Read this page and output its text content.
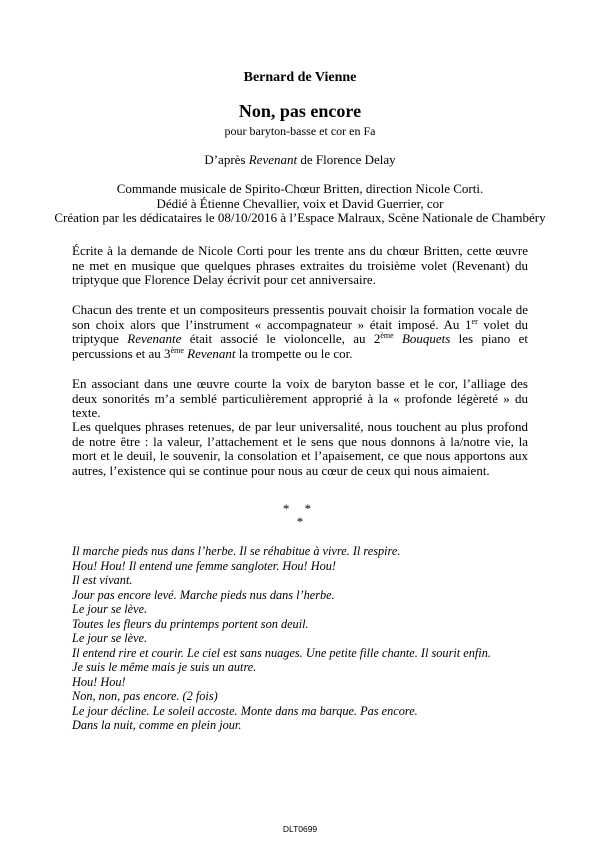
Bernard de Vienne
Non, pas encore
pour baryton-basse et cor en Fa
D’après Revenant de Florence Delay
Commande musicale de Spirito-Chœur Britten, direction Nicole Corti.
Dédié à Étienne Chevallier, voix et David Guerrier, cor
Création par les dédicataires le 08/10/2016 à l’Espace Malraux, Scène Nationale de Chambéry
Écrite à la demande de Nicole Corti pour les trente ans du chœur Britten, cette œuvre ne met en musique que quelques phrases extraites du troisième volet (Revenant) du triptyque que Florence Delay écrivit pour cet anniversaire.
Chacun des trente et un compositeurs pressentis pouvait choisir la formation vocale de son choix alors que l’instrument « accompagnateur » était imposé. Au 1er volet du triptyque Revenante était associé le violoncelle, au 2ème Bouquets les piano et percussions et au 3ème Revenant la trompette ou le cor.
En associant dans une œuvre courte la voix de baryton basse et le cor, l’alliage des deux sonorités m’a semblé particulièrement approprié à la « profonde légèreté » du texte.
Les quelques phrases retenues, de par leur universalité, nous touchent au plus profond de notre être : la valeur, l’attachement et le sens que nous donnons à la/notre vie, la mort et le deuil, le souvenir, la consolation et l’apaisement, ce que nous apportons aux autres, l’existence qui se continue pour nous au cœur de ceux qui nous aimaient.
* *
*
Il marche pieds nus dans l’herbe. Il se réhabitue à vivre. Il respire.
Hou! Hou! Il entend une femme sangloter. Hou! Hou!
Il est vivant.
Jour pas encore levé. Marche pieds nus dans l’herbe.
Le jour se lève.
Toutes les fleurs du printemps portent son deuil.
Le jour se lève.
Il entend rire et courir. Le ciel est sans nuages. Une petite fille chante. Il sourit enfin.
Je suis le même mais je suis un autre.
Hou! Hou!
Non, non, pas encore. (2 fois)
Le jour décline. Le soleil accoste. Monte dans ma barque. Pas encore.
Dans la nuit, comme en plein jour.
DLT0699
